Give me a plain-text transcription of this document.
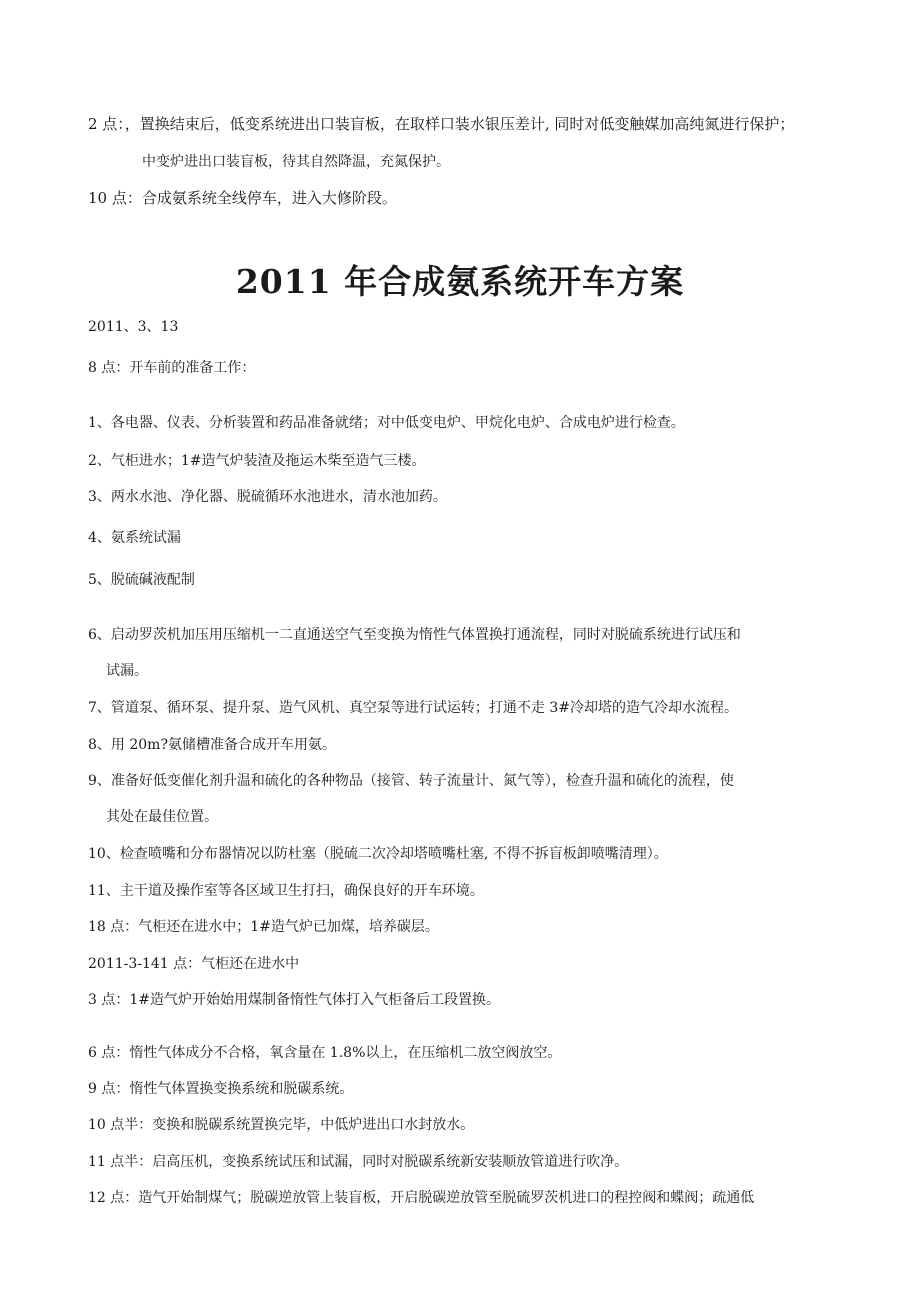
2 点：，置换结束后，低变系统进出口装盲板，在取样口装水银压差计, 同时对低变触媒加高纯氮进行保护；
中变炉进出口装盲板，待其自然降温，充氮保护。
10 点：合成氨系统全线停车，进入大修阶段。
2011 年合成氨系统开车方案
2011、3、13
8 点：开车前的准备工作：
1、各电器、仪表、分析装置和药品准备就绪；对中低变电炉、甲烷化电炉、合成电炉进行检查。
2、气柜进水；1#造气炉装渣及拖运木柴至造气三楼。
3、两水水池、净化器、脱硫循环水池进水，清水池加药。
4、氨系统试漏
5、脱硫碱液配制
6、启动罗茨机加压用压缩机一二直通送空气至变换为惰性气体置换打通流程，同时对脱硫系统进行试压和
试漏。
7、管道泵、循环泵、提升泵、造气风机、真空泵等进行试运转；打通不走 3#冷却塔的造气冷却水流程。
8、用 20m?氨储槽准备合成开车用氨。
9、准备好低变催化剂升温和硫化的各种物品（接管、转子流量计、氮气等），检查升温和硫化的流程，使
其处在最佳位置。
10、检查喷嘴和分布器情况以防杜塞（脱硫二次冷却塔喷嘴杜塞, 不得不拆盲板卸喷嘴清理）。
11、主干道及操作室等各区域卫生打扫，确保良好的开车环境。
18 点：气柜还在进水中；1#造气炉已加煤，培养碳层。
2011-3-141 点：气柜还在进水中
3 点：1#造气炉开始始用煤制备惰性气体打入气柜备后工段置换。
6 点：惰性气体成分不合格，氧含量在 1.8%以上，在压缩机二放空阀放空。
9 点：惰性气体置换变换系统和脱碳系统。
10 点半：变换和脱碳系统置换完毕，中低炉进出口水封放水。
11 点半：启高压机，变换系统试压和试漏，同时对脱碳系统新安装顺放管道进行吹净。
12 点：造气开始制煤气；脱碳逆放管上装盲板，开启脱碳逆放管至脱硫罗茨机进口的程控阀和蝶阀；疏通低
